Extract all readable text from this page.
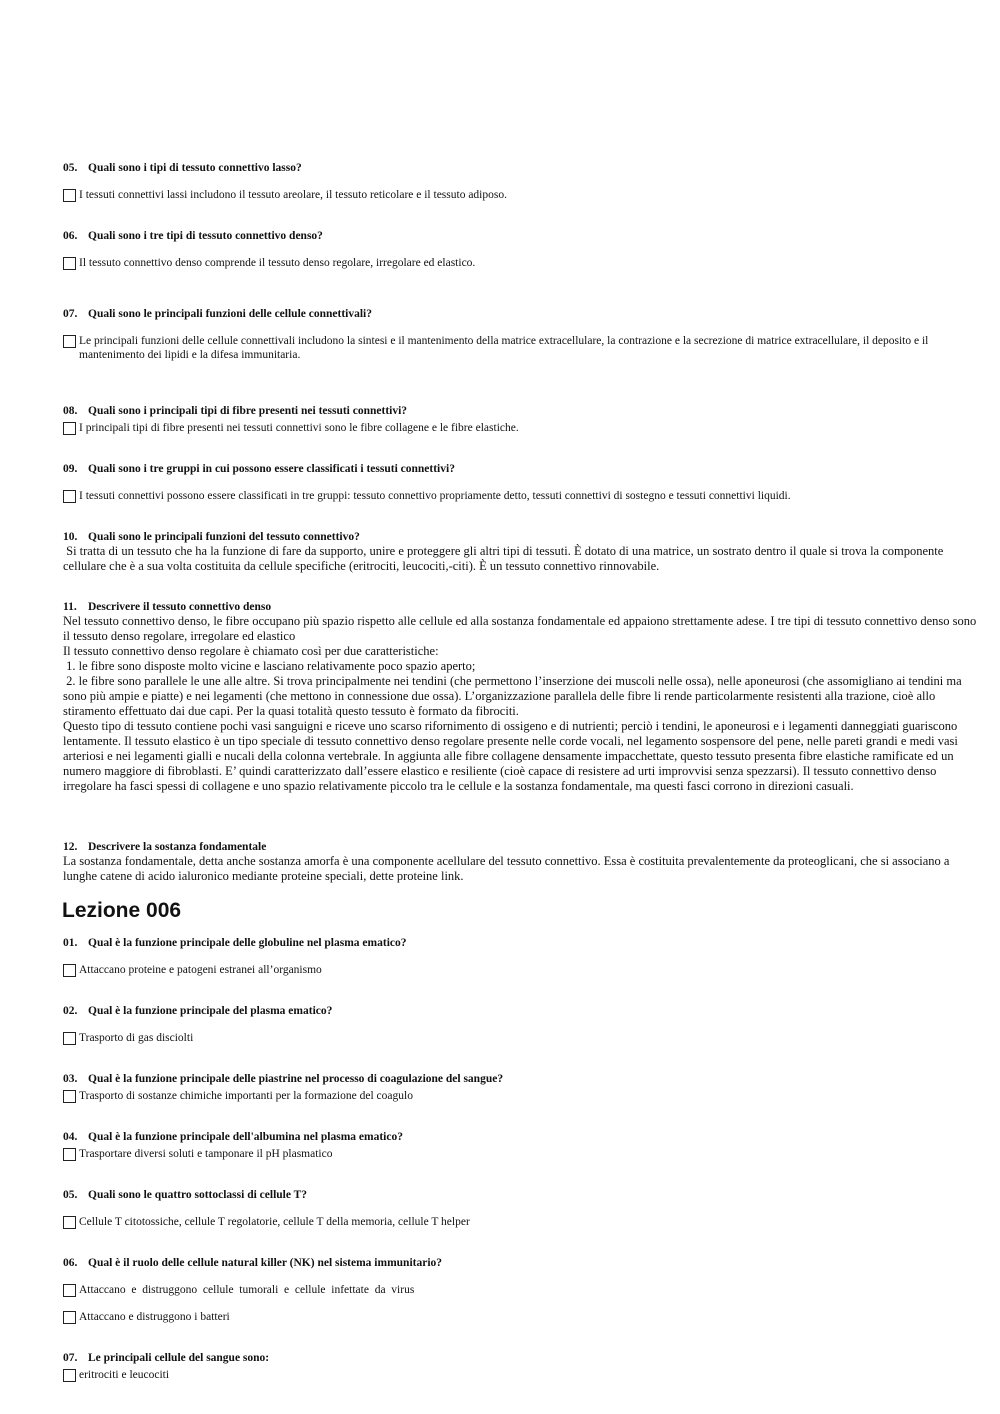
05. Quali sono i tipi di tessuto connettivo lasso?
I tessuti connettivi lassi includono il tessuto areolare, il tessuto reticolare e il tessuto adiposo.
06. Quali sono i tre tipi di tessuto connettivo denso?
Il tessuto connettivo denso comprende il tessuto denso regolare, irregolare ed elastico.
07. Quali sono le principali funzioni delle cellule connettivali?
Le principali funzioni delle cellule connettivali includono la sintesi e il mantenimento della matrice extracellulare, la contrazione e la secrezione di matrice extracellulare, il deposito e il mantenimento dei lipidi e la difesa immunitaria.
08. Quali sono i principali tipi di fibre presenti nei tessuti connettivi?
I principali tipi di fibre presenti nei tessuti connettivi sono le fibre collagene e le fibre elastiche.
09. Quali sono i tre gruppi in cui possono essere classificati i tessuti connettivi?
I tessuti connettivi possono essere classificati in tre gruppi: tessuto connettivo propriamente detto, tessuti connettivi di sostegno e tessuti connettivi liquidi.
10. Quali sono le principali funzioni del tessuto connettivo?

Si tratta di un tessuto che ha la funzione di fare da supporto, unire e proteggere gli altri tipi di tessuti. È dotato di una matrice, un sostrato dentro il quale si trova la componente cellulare che è a sua volta costituita da cellule specifiche (eritrociti, leucociti,-citi). È un tessuto connettivo rinnovabile.

11. Descrivere il tessuto connettivo denso

Nel tessuto connettivo denso, le fibre occupano più spazio rispetto alle cellule ed alla sostanza fondamentale ed appaiono strettamente adese. I tre tipi di tessuto connettivo denso sono il tessuto denso regolare, irregolare ed elastico

Il tessuto connettivo denso regolare è chiamato così per due caratteristiche:

1. le fibre sono disposte molto vicine e lasciano relativamente poco spazio aperto;

2. le fibre sono parallele le une alle altre. Si trova principalmente nei tendini (che permettono l’inserzione dei muscoli nelle ossa), nelle aponeurosi (che assomigliano ai tendini ma sono più ampie e piatte) e nei legamenti (che mettono in connessione due ossa). L’organizzazione parallela delle fibre li rende particolarmente resistenti alla trazione, cioè allo stiramento effettuato dai due capi. Per la quasi totalità questo tessuto è formato da fibrociti.

Questo tipo di tessuto contiene pochi vasi sanguigni e riceve uno scarso rifornimento di ossigeno e di nutrienti; perciò i tendini, le aponeurosi e i legamenti danneggiati guariscono lentamente. Il tessuto elastico è un tipo speciale di tessuto connettivo denso regolare presente nelle corde vocali, nel legamento sospensore del pene, nelle pareti grandi e medi vasi arteriosi e nei legamenti gialli e nucali della colonna vertebrale. In aggiunta alle fibre collagene densamente impacchettate, questo tessuto presenta fibre elastiche ramificate ed un numero maggiore di fibroblasti. E’ quindi caratterizzato dall’essere elastico e resiliente (cioè capace di resistere ad urti improvvisi senza spezzarsi). Il tessuto connettivo denso irregolare ha fasci spessi di collagene e uno spazio relativamente piccolo tra le cellule e la sostanza fondamentale, ma questi fasci corrono in direzioni casuali.

12. Descrivere la sostanza fondamentale

La sostanza fondamentale, detta anche sostanza amorfa è una componente acellulare del tessuto connettivo. Essa è costituita prevalentemente da proteoglicani, che si associano a lunghe catene di acido ialuronico mediante proteine speciali, dette proteine link.

Lezione 006
01. Qual è la funzione principale delle globuline nel plasma ematico?
Attaccano proteine e patogeni estranei all’organismo
02. Qual è la funzione principale del plasma ematico?
Trasporto di gas disciolti
03. Qual è la funzione principale delle piastrine nel processo di coagulazione del sangue?
Trasporto di sostanze chimiche importanti per la formazione del coagulo
04. Qual è la funzione principale dell'albumina nel plasma ematico?
Trasportare diversi soluti e tamponare il pH plasmatico
05. Quali sono le quattro sottoclassi di cellule T?
Cellule T citotossiche, cellule T regolatorie, cellule T della memoria, cellule T helper
06. Qual è il ruolo delle cellule natural killer (NK) nel sistema immunitario?
Attaccano  e  distruggono  cellule  tumorali  e  cellule  infettate  da  virus
Attaccano e distruggono i batteri
07. Le principali cellule del sangue sono:
eritrociti e leucociti
